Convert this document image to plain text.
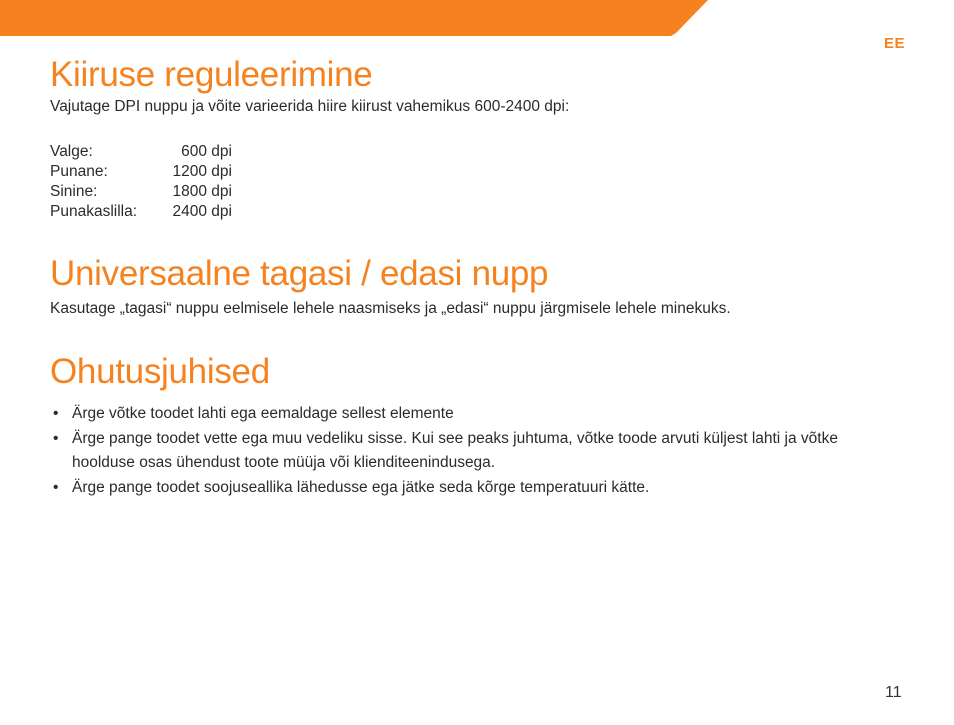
EE
Kiiruse reguleerimine

Vajutage DPI nuppu ja võite varieerida hiire kiirust vahemikus 600-2400 dpi:

Valge:	600 dpi
Punane:	1200 dpi
Sinine:	1800 dpi
Punakaslilla:	2400 dpi
Universaalne tagasi / edasi nupp

Kasutage „tagasi“ nuppu eelmisele lehele naasmiseks ja „edasi“ nuppu järgmisele lehele minekuks.

Ohutusjuhised
• Ärge võtke toodet lahti ega eemaldage sellest elemente
• Ärge pange toodet vette ega muu vedeliku sisse. Kui see peaks juhtuma, võtke toode arvuti küljest lahti ja võtke hoolduse osas ühendust toote müüja või klienditeenindusega.
• Ärge pange toodet soojuseallika lähedusse ega jätke seda kõrge temperatuuri kätte.
11
